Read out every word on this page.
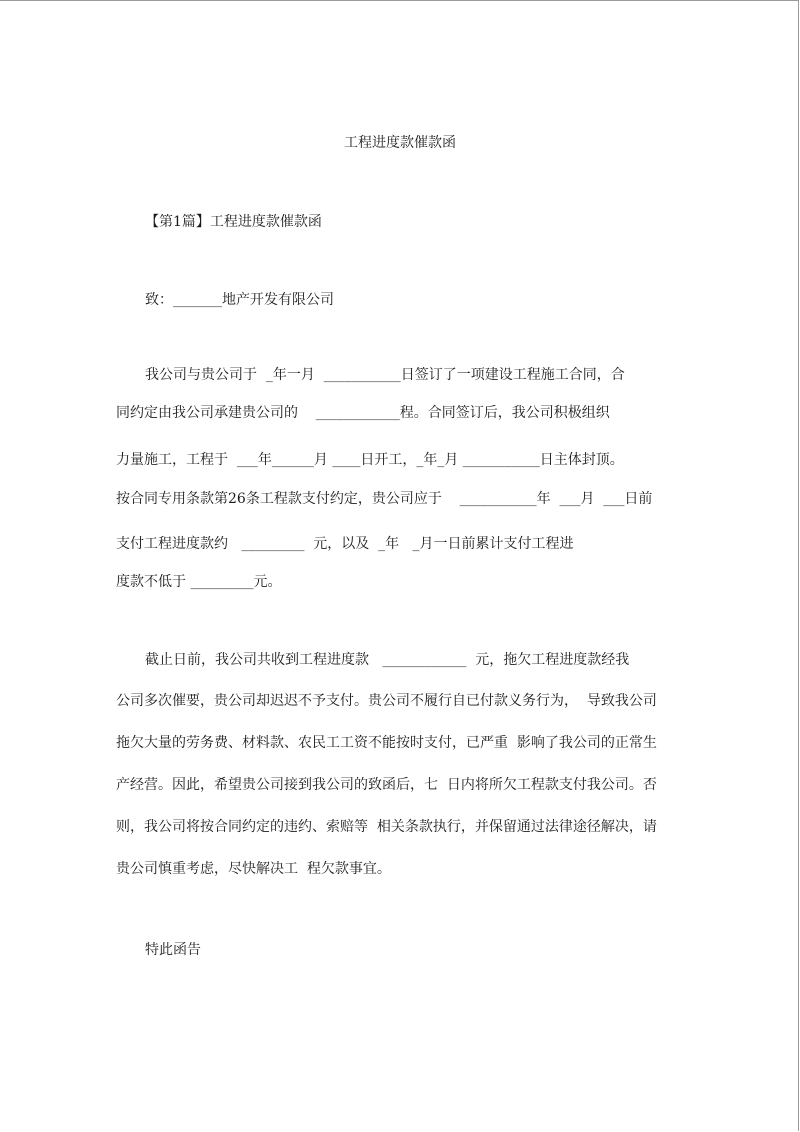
工程进度款催款函
【第1篇】工程进度款催款函
致：_______地产开发有限公司
我公司与贵公司于  _年一月  ___________日签订了一项建设工程施工合同，合
同约定由我公司承建贵公司的    ____________程。合同签订后，我公司积极组织
力量施工，工程于  ___年______月 ____日开工，_年_月 ___________日主体封顶。
按合同专用条款第26条工程款支付约定，贵公司应于    ___________年  ___月  ___日前
支付工程进度款约   _________  元，以及  _年   _月一日前累计支付工程进
度款不低于 _________元。
截止日前，我公司共收到工程进度款   ____________  元，拖欠工程进度款经我
公司多次催要，贵公司却迟迟不予支付。贵公司不履行自已付款义务行为，  导致我公司
拖欠大量的劳务费、材料款、农民工工资不能按时支付，已严重  影响了我公司的正常生
产经营。因此，希望贵公司接到我公司的致函后，七  日内将所欠工程款支付我公司。否
则，我公司将按合同约定的违约、索赔等  相关条款执行，并保留通过法律途径解决，请
贵公司慎重考虑，尽快解决工  程欠款事宜。
特此函告
